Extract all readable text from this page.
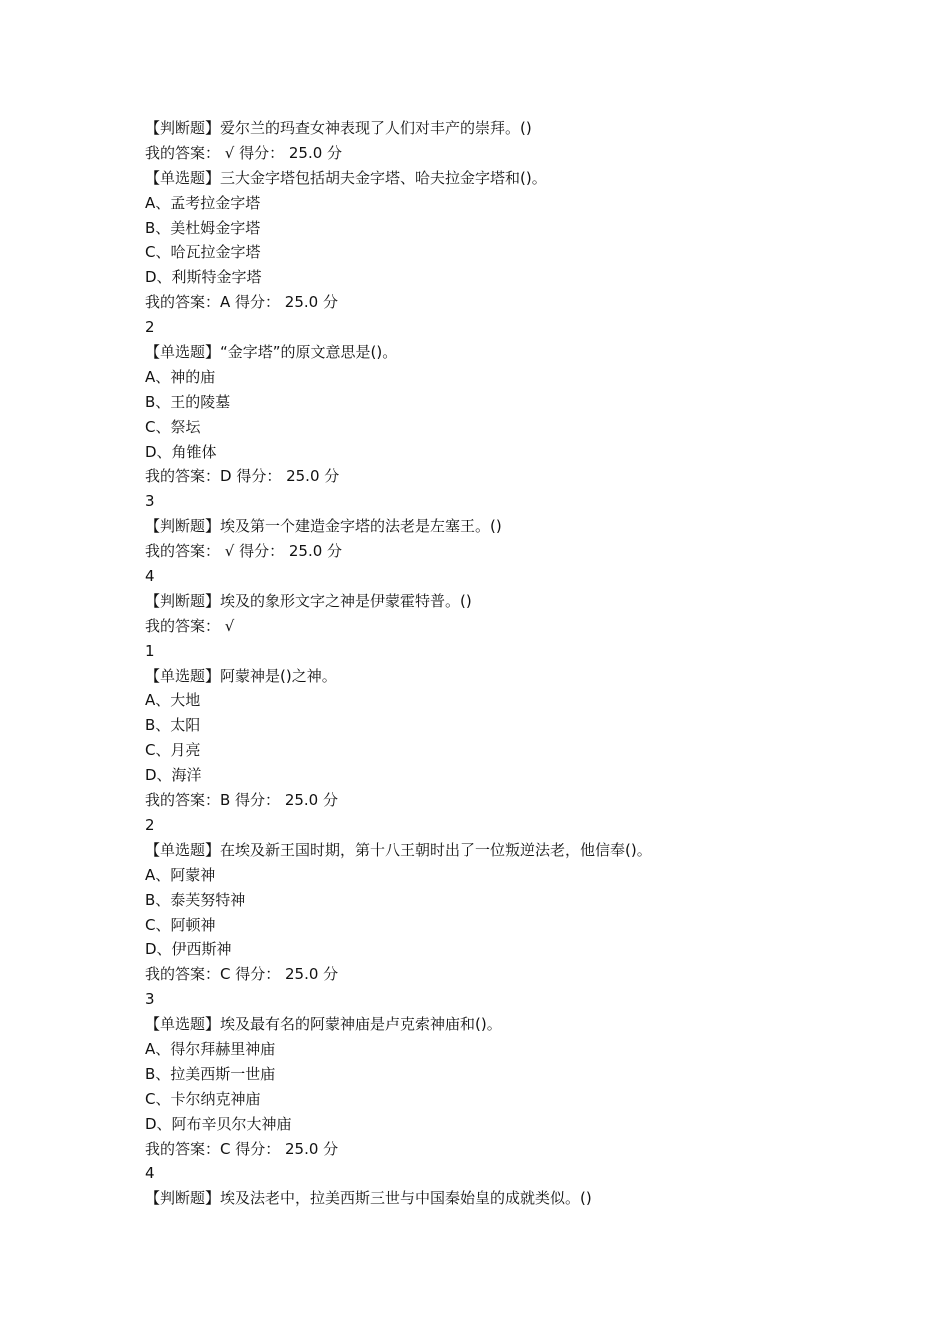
【判断题】爱尔兰的玛查女神表现了人们对丰产的崇拜。()
我的答案： √ 得分： 25.0 分
【单选题】三大金字塔包括胡夫金字塔、哈夫拉金字塔和()。
A、孟考拉金字塔
B、美杜姆金字塔
C、哈瓦拉金字塔
D、利斯特金字塔
我的答案：A 得分： 25.0 分
2
【单选题】“金字塔”的原文意思是()。
A、神的庙
B、王的陵墓
C、祭坛
D、角锥体
我的答案：D 得分： 25.0 分
3
【判断题】埃及第一个建造金字塔的法老是左塞王。()
我的答案： √ 得分： 25.0 分
4
【判断题】埃及的象形文字之神是伊蒙霍特普。()
我的答案： √
1
【单选题】阿蒙神是()之神。
A、大地
B、太阳
C、月亮
D、海洋
我的答案：B 得分： 25.0 分
2
【单选题】在埃及新王国时期，第十八王朝时出了一位叛逆法老，他信奉()。
A、阿蒙神
B、泰芙努特神
C、阿顿神
D、伊西斯神
我的答案：C 得分： 25.0 分
3
【单选题】埃及最有名的阿蒙神庙是卢克索神庙和()。
A、得尔拜赫里神庙
B、拉美西斯一世庙
C、卡尔纳克神庙
D、阿布辛贝尔大神庙
我的答案：C 得分： 25.0 分
4
【判断题】埃及法老中，拉美西斯三世与中国秦始皇的成就类似。()
